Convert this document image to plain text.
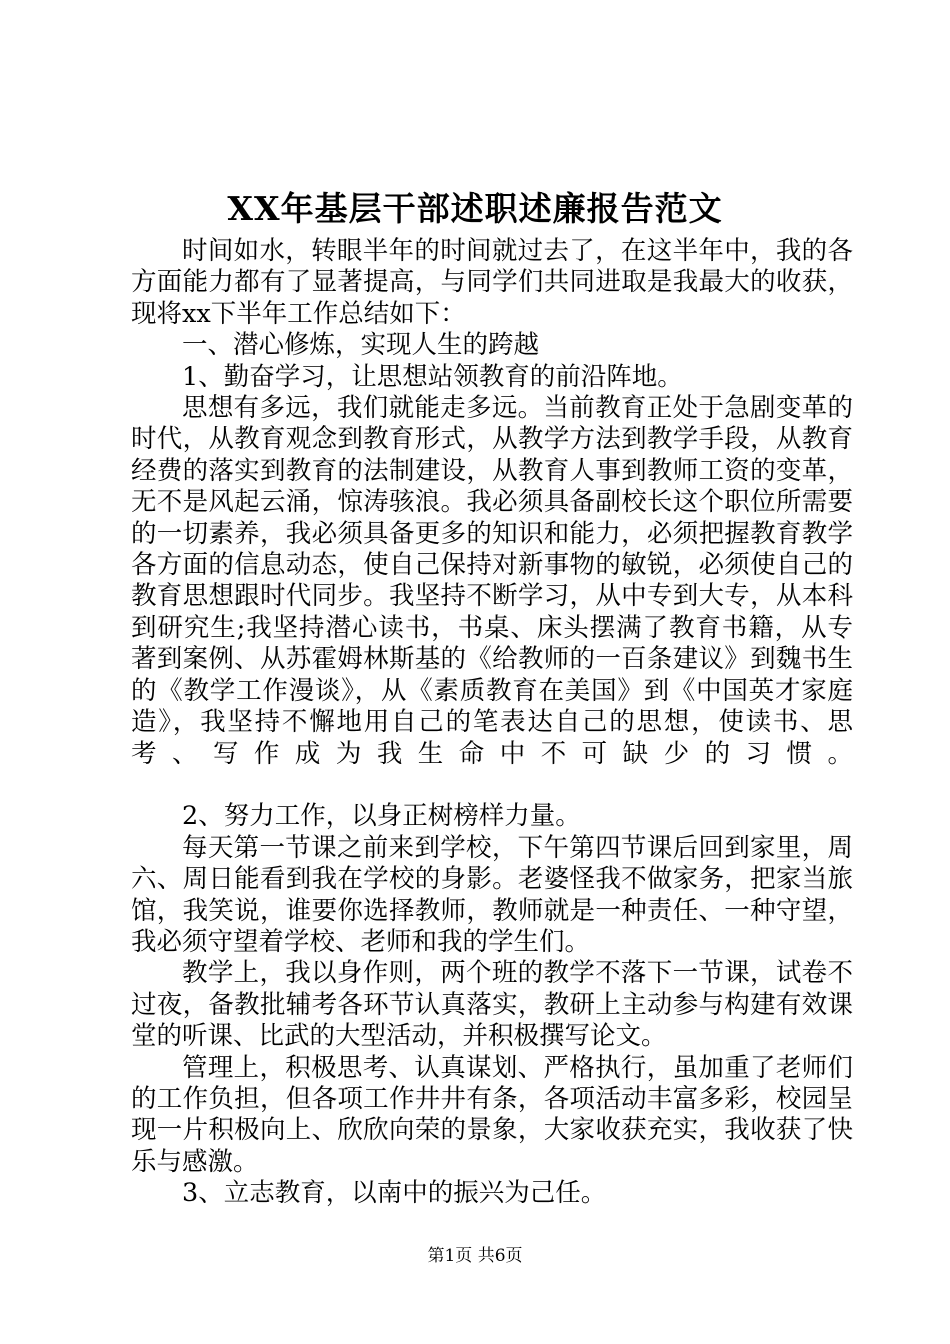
XX年基层干部述职述廉报告范文

时间如水，转眼半年的时间就过去了，在这半年中，我的各方面能力都有了显著提高，与同学们共同进取是我最大的收获，现将xx下半年工作总结如下：

一、潜心修炼，实现人生的跨越

1、勤奋学习，让思想站领教育的前沿阵地。

思想有多远，我们就能走多远。当前教育正处于急剧变革的时代，从教育观念到教育形式，从教学方法到教学手段，从教育经费的落实到教育的法制建设，从教育人事到教师工资的变革，无不是风起云涌，惊涛骇浪。我必须具备副校长这个职位所需要的一切素养，我必须具备更多的知识和能力，必须把握教育教学各方面的信息动态，使自己保持对新事物的敏锐，必须使自己的教育思想跟时代同步。我坚持不断学习，从中专到大专，从本科到研究生;我坚持潜心读书，书桌、床头摆满了教育书籍，从专著到案例、从苏霍姆林斯基的《给教师的一百条建议》到魏书生的《教学工作漫谈》，从《素质教育在美国》到《中国英才家庭造》，我坚持不懈地用自己的笔表达自己的思想，使读书、思考、写作成为我生命中不可缺少的习惯。

2、努力工作，以身正树榜样力量。

每天第一节课之前来到学校，下午第四节课后回到家里，周六、周日能看到我在学校的身影。老婆怪我不做家务，把家当旅馆，我笑说，谁要你选择教师，教师就是一种责任、一种守望，我必须守望着学校、老师和我的学生们。

教学上，我以身作则，两个班的教学不落下一节课，试卷不过夜，备教批辅考各环节认真落实，教研上主动参与构建有效课堂的听课、比武的大型活动，并积极撰写论文。

管理上，积极思考、认真谋划、严格执行，虽加重了老师们的工作负担，但各项工作井井有条，各项活动丰富多彩，校园呈现一片积极向上、欣欣向荣的景象，大家收获充实，我收获了快乐与感激。

3、立志教育，以南中的振兴为己任。

第1页 共6页
